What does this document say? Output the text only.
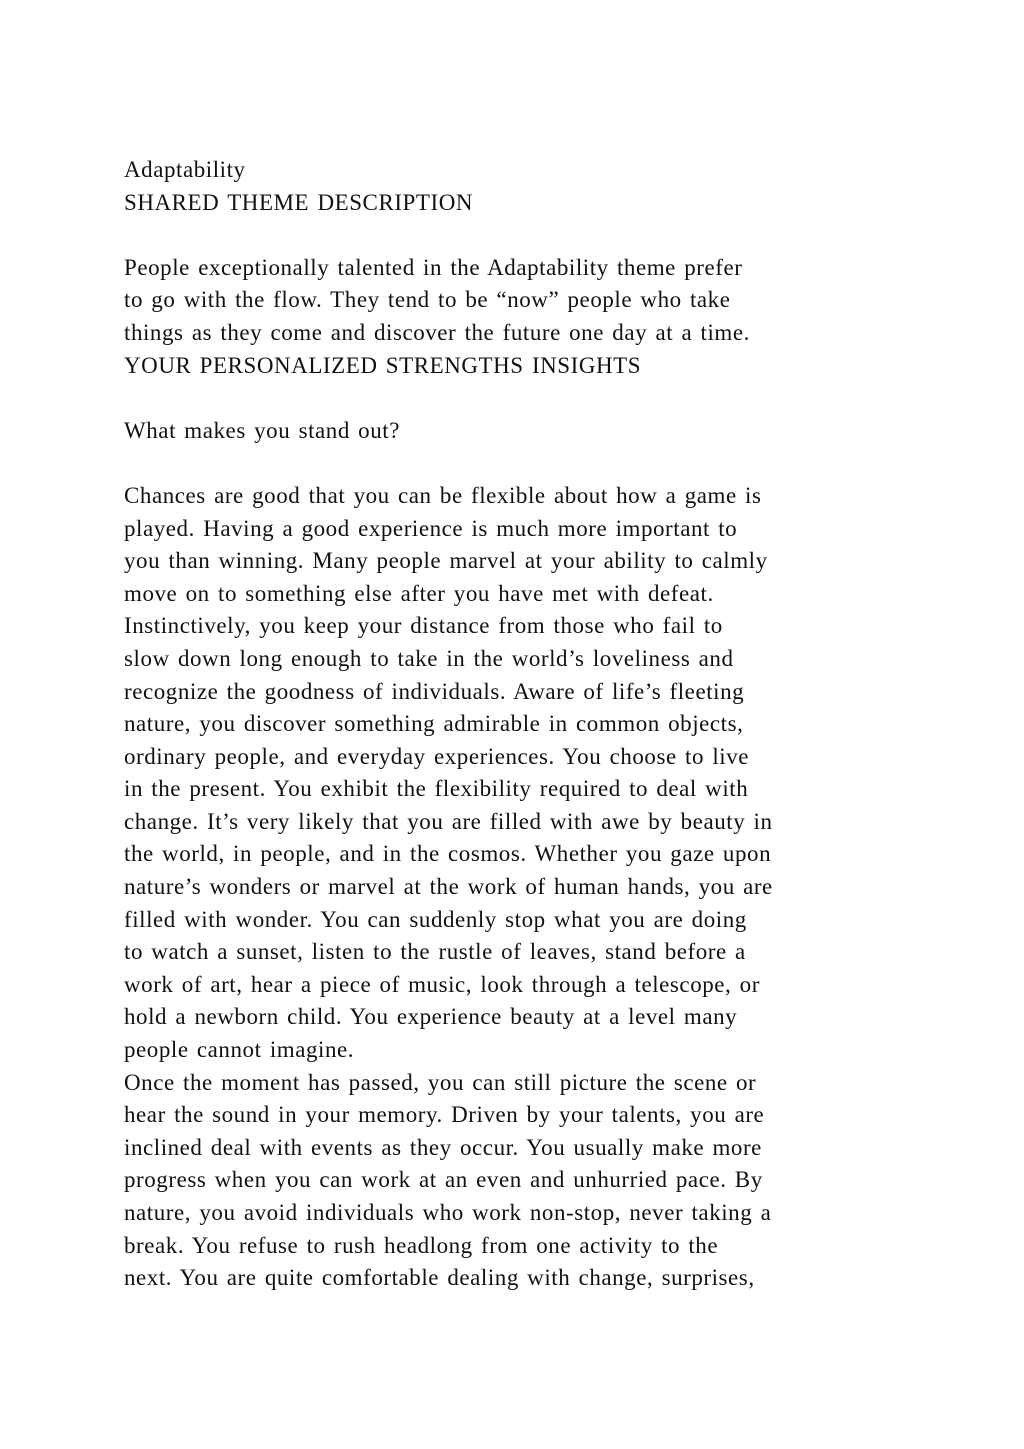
Adaptability
SHARED THEME DESCRIPTION
People exceptionally talented in the Adaptability theme prefer
to go with the flow. They tend to be “now” people who take
things as they come and discover the future one day at a time.
YOUR PERSONALIZED STRENGTHS INSIGHTS
What makes you stand out?
Chances are good that you can be flexible about how a game is
played. Having a good experience is much more important to
you than winning. Many people marvel at your ability to calmly
move on to something else after you have met with defeat.
Instinctively, you keep your distance from those who fail to
slow down long enough to take in the world’s loveliness and
recognize the goodness of individuals. Aware of life’s fleeting
nature, you discover something admirable in common objects,
ordinary people, and everyday experiences. You choose to live
in the present. You exhibit the flexibility required to deal with
change. It’s very likely that you are filled with awe by beauty in
the world, in people, and in the cosmos. Whether you gaze upon
nature’s wonders or marvel at the work of human hands, you are
filled with wonder. You can suddenly stop what you are doing
to watch a sunset, listen to the rustle of leaves, stand before a
work of art, hear a piece of music, look through a telescope, or
hold a newborn child. You experience beauty at a level many
people cannot imagine.
Once the moment has passed, you can still picture the scene or
hear the sound in your memory. Driven by your talents, you are
inclined deal with events as they occur. You usually make more
progress when you can work at an even and unhurried pace. By
nature, you avoid individuals who work non-stop, never taking a
break. You refuse to rush headlong from one activity to the
next. You are quite comfortable dealing with change, surprises,
